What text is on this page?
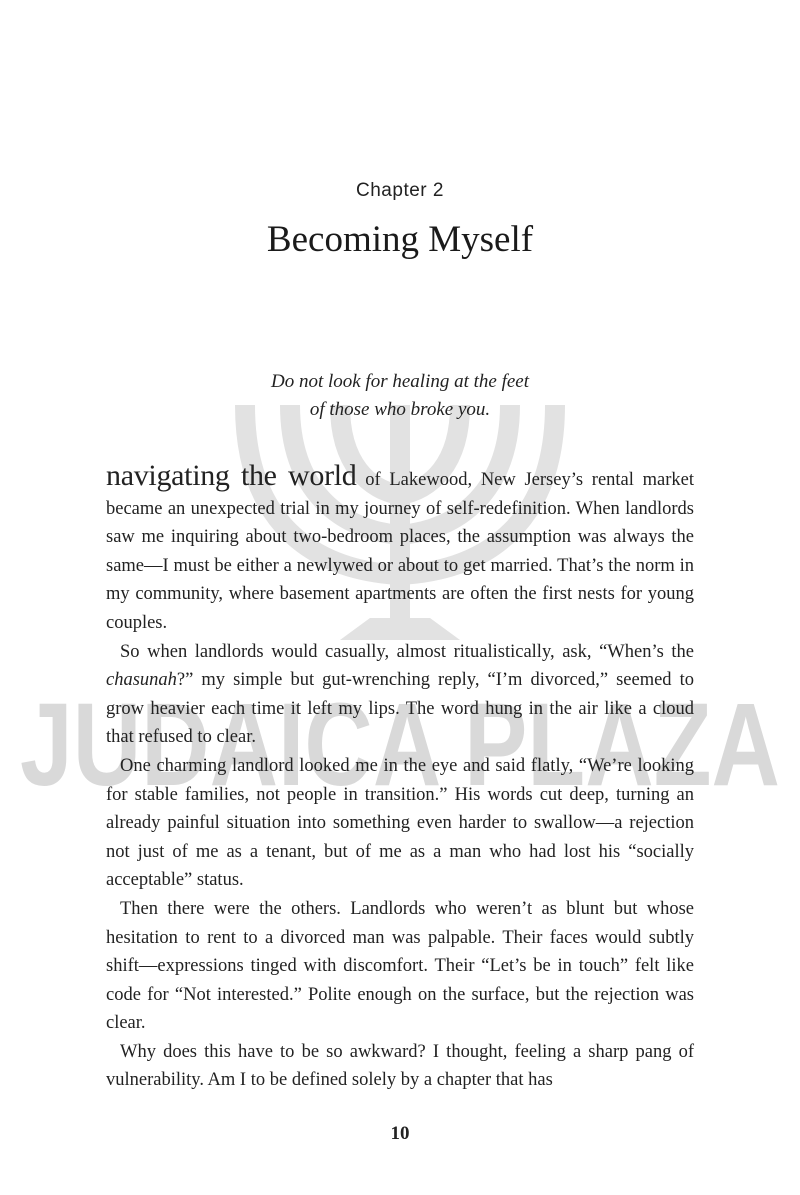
JUDAICA PLAZA
Chapter 2
Becoming Myself
Do not look for healing at the feet
of those who broke you.

navigating the world of Lakewood, New Jersey’s rental market became an unexpected trial in my journey of self-redefinition. When landlords saw me inquiring about two-bedroom places, the assumption was always the same—I must be either a newlywed or about to get married. That’s the norm in my community, where basement apartments are often the first nests for young couples.

So when landlords would casually, almost ritualistically, ask, “When’s the chasunah?” my simple but gut-wrenching reply, “I’m divorced,” seemed to grow heavier each time it left my lips. The word hung in the air like a cloud that refused to clear.

One charming landlord looked me in the eye and said flatly, “We’re looking for stable families, not people in transition.” His words cut deep, turning an already painful situation into something even harder to swallow—a rejection not just of me as a tenant, but of me as a man who had lost his “socially acceptable” status.

Then there were the others. Landlords who weren’t as blunt but whose hesitation to rent to a divorced man was palpable. Their faces would subtly shift—expressions tinged with discomfort. Their “Let’s be in touch” felt like code for “Not interested.” Polite enough on the surface, but the rejection was clear.

Why does this have to be so awkward? I thought, feeling a sharp pang of vulnerability. Am I to be defined solely by a chapter that has

10
